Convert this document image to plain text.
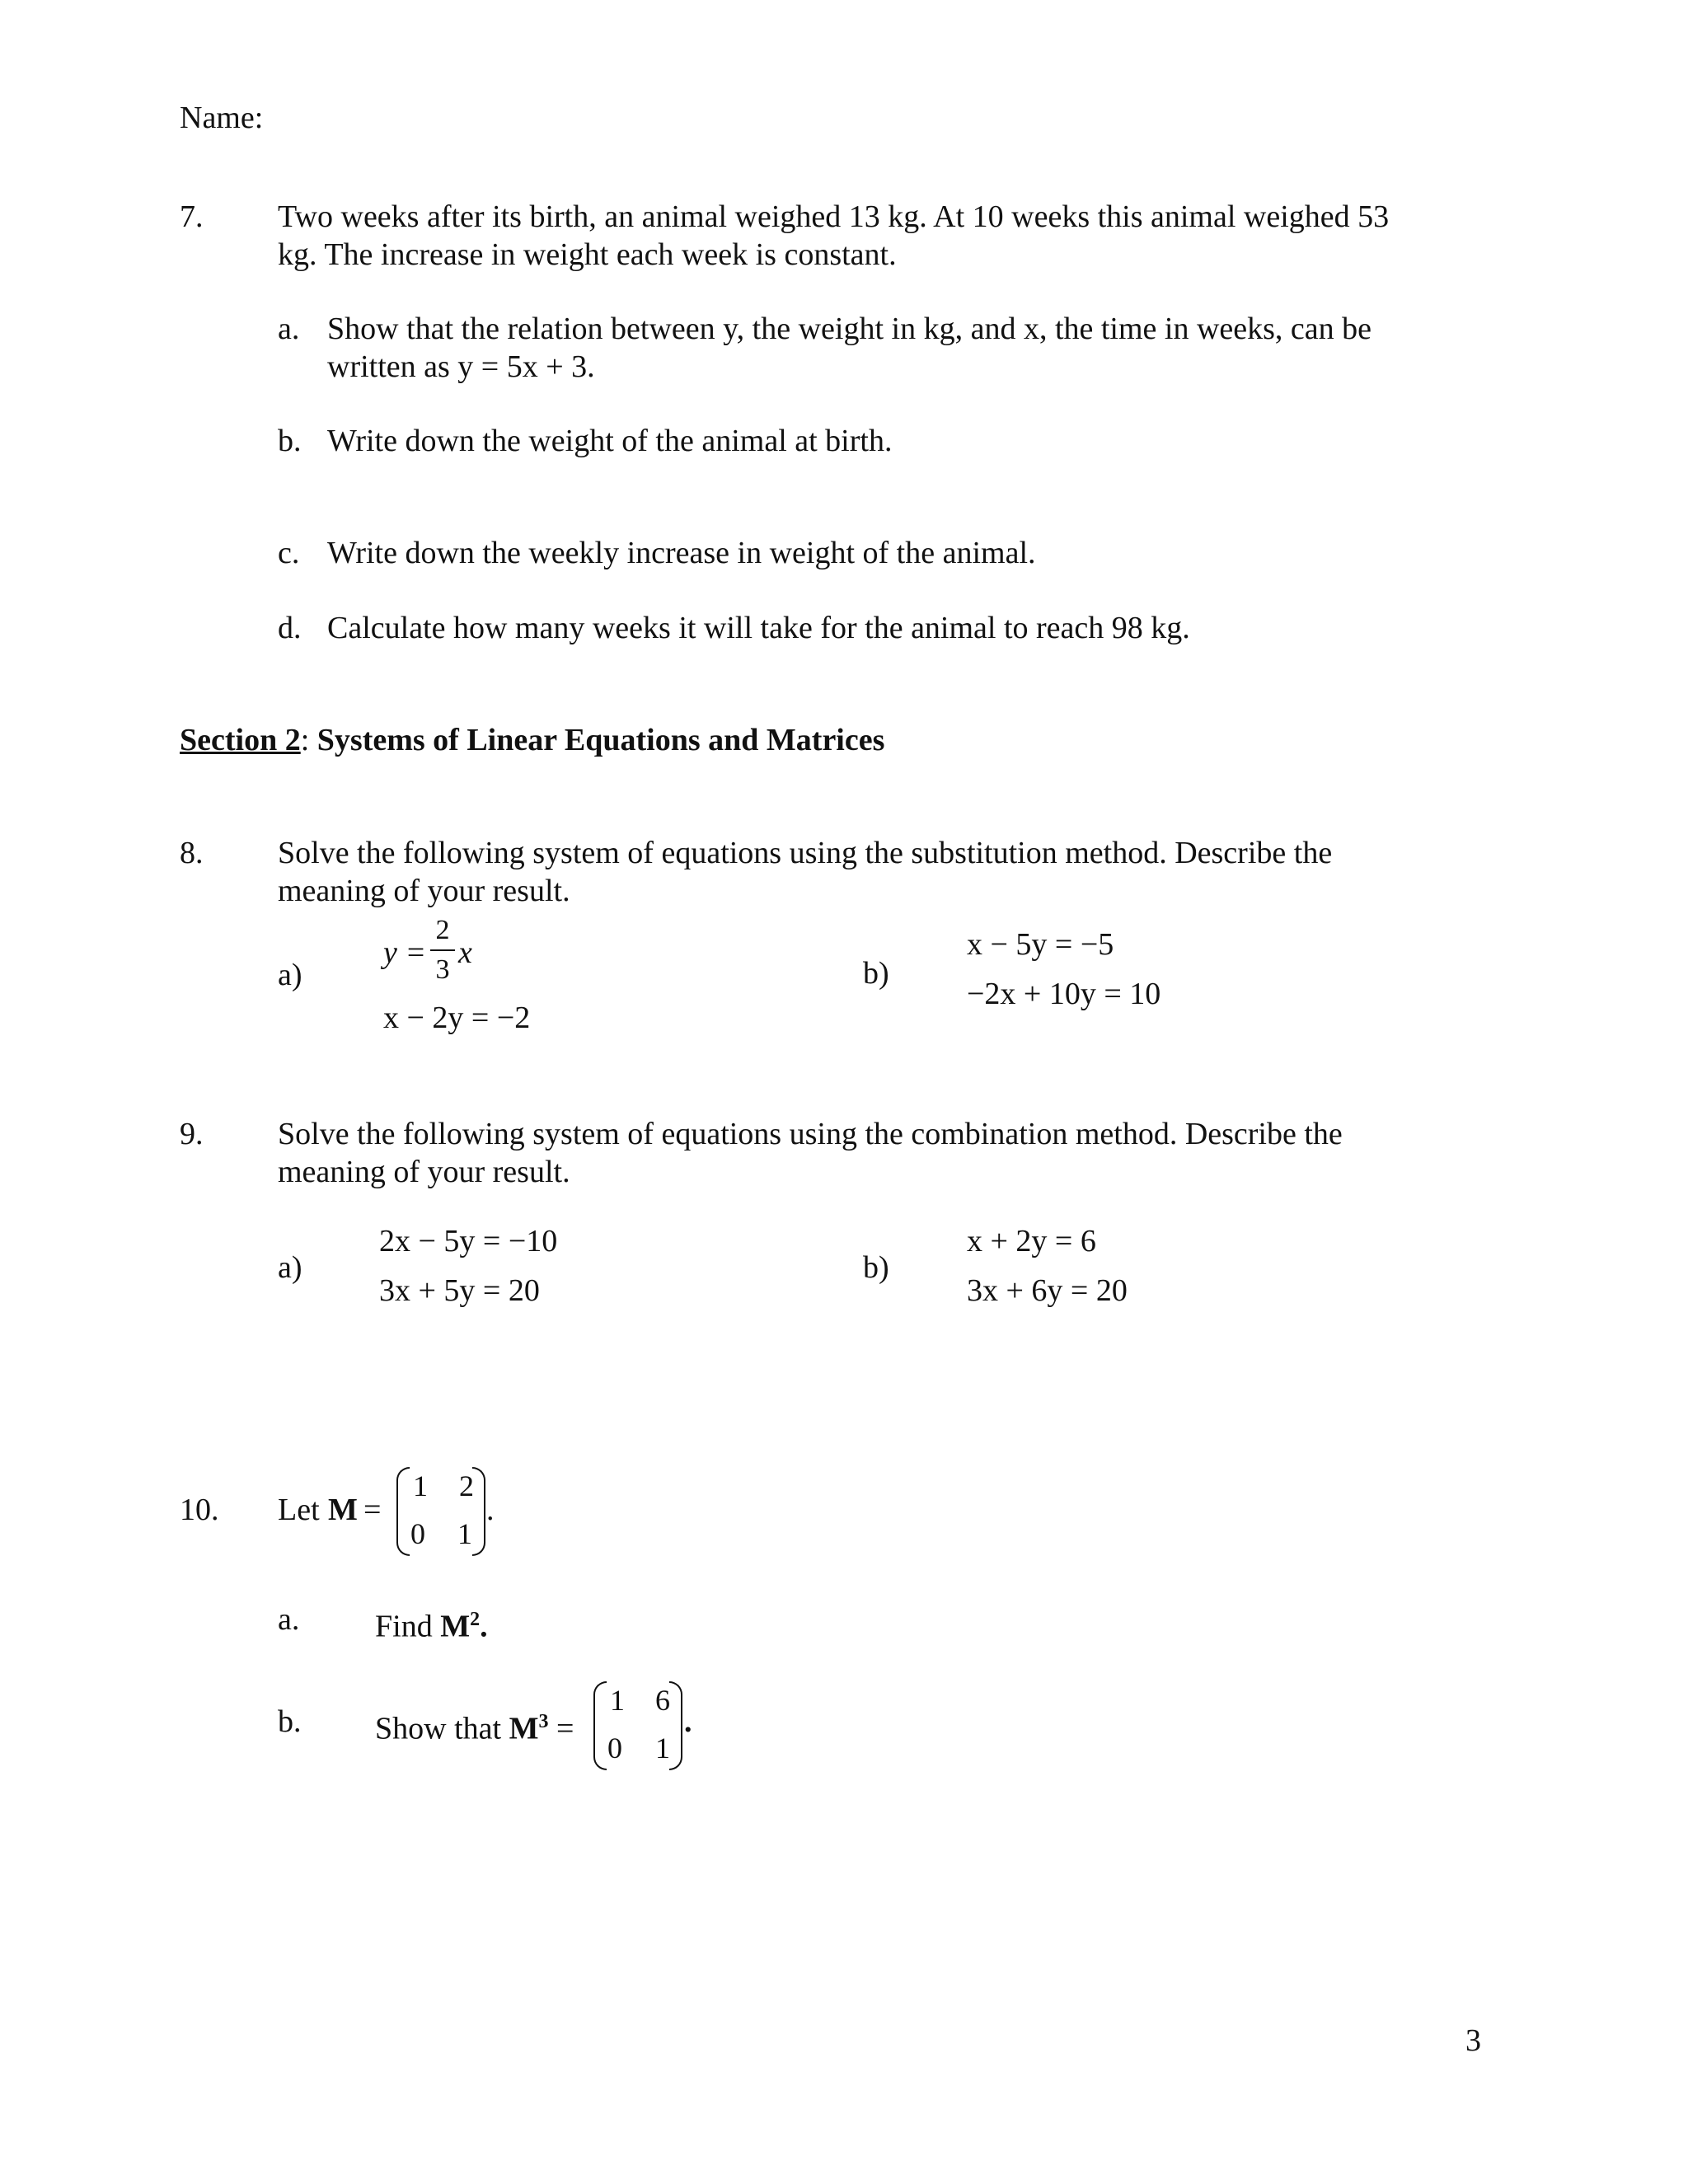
Name:
7. Two weeks after its birth, an animal weighed 13 kg. At 10 weeks this animal weighed 53
kg. The increase in weight each week is constant.
a. Show that the relation between y, the weight in kg, and x, the time in weeks, can be
written as y = 5x + 3.
b. Write down the weight of the animal at birth.
c. Write down the weekly increase in weight of the animal.
d. Calculate how many weeks it will take for the animal to reach 98 kg.
Section 2: Systems of Linear Equations and Matrices
8. Solve the following system of equations using the substitution method. Describe the
meaning of your result.
a)
y =
2
3 x
x − 2y = −2
b)
x − 5y = −5
−2x + 10y = 10
9. Solve the following system of equations using the combination method. Describe the
meaning of your result.
a)
2x − 5y = −10
3x + 5y = 20
b)
x + 2y = 6
3x + 6y = 20
10. Let M =
1 2
0 1
.
a. Find $M^2$.
b. Show that $M^3$ =
1 6
0 1
.
3
